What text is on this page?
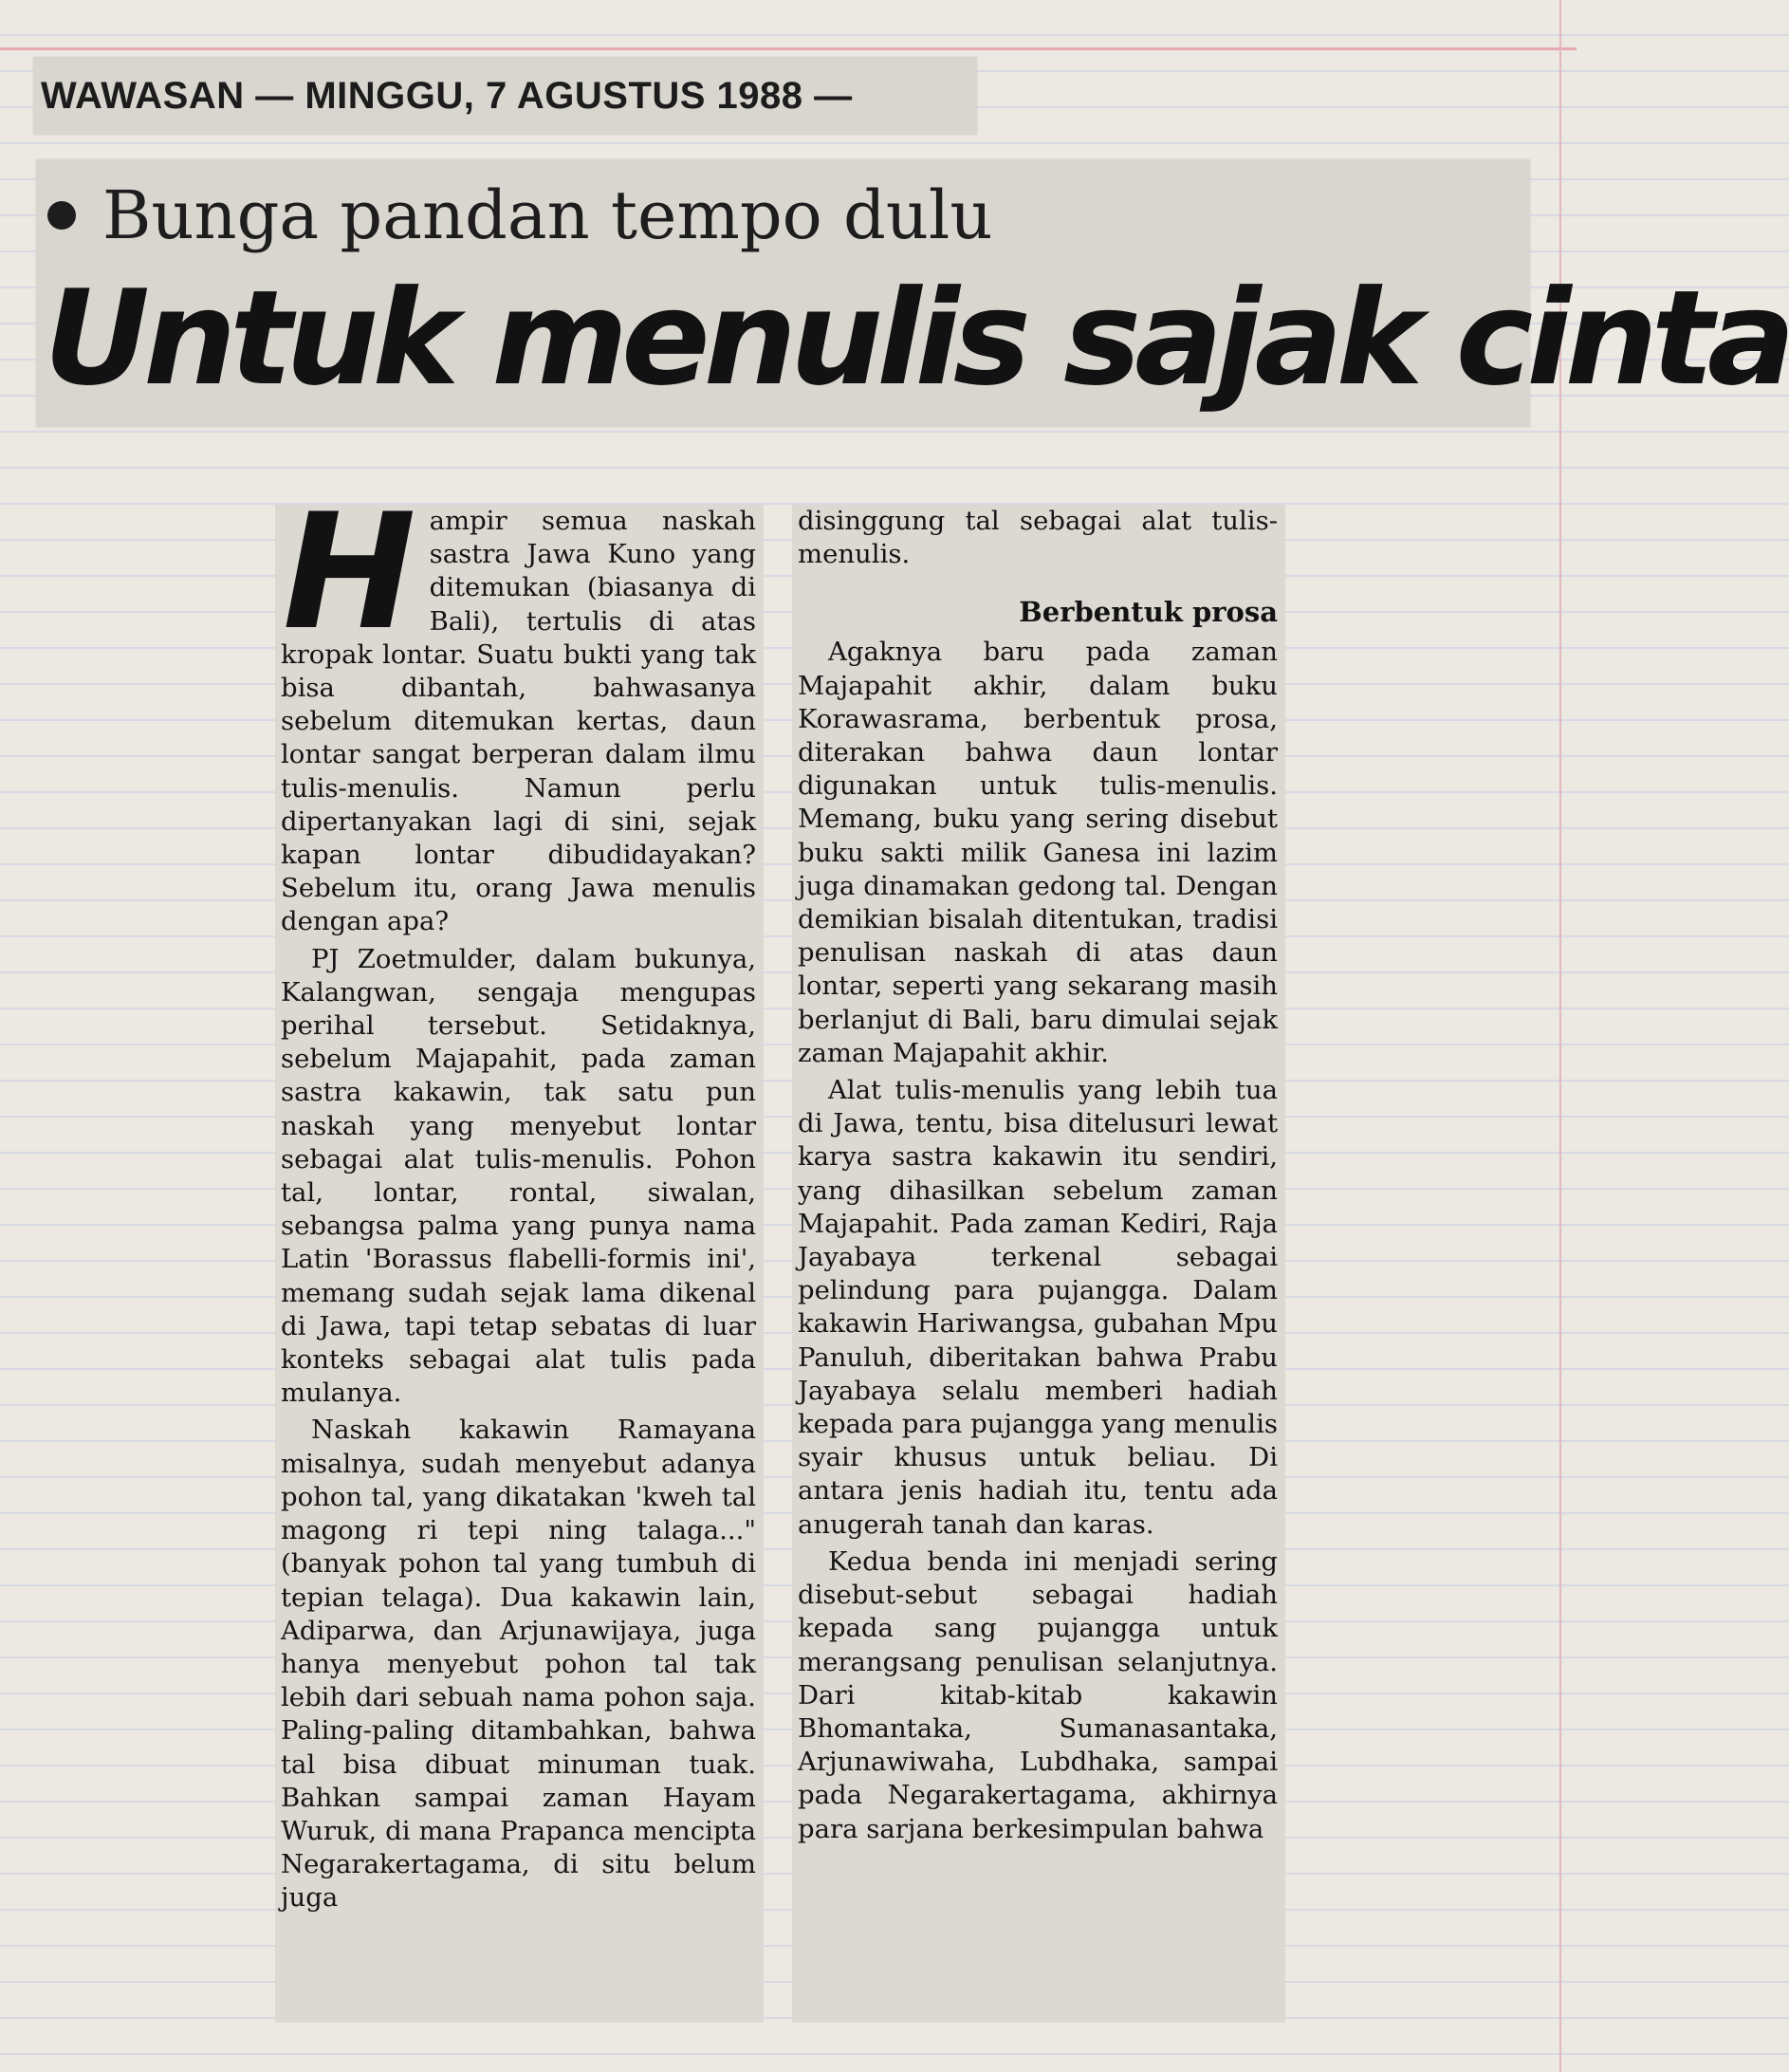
WAWASAN — MINGGU, 7 AGUSTUS 1988 —
Bunga pandan tempo dulu
Untuk menulis sajak cinta

Hampir semua naskah sastra Jawa Kuno yang ditemukan (biasanya di Bali), tertulis di atas kropak lontar. Suatu bukti yang tak bisa dibantah, bahwasanya sebelum ditemukan kertas, daun lontar sangat berperan dalam ilmu tulis-menulis. Namun perlu dipertanyakan lagi di sini, sejak kapan lontar dibudidayakan? Sebelum itu, orang Jawa menulis dengan apa?

PJ Zoetmulder, dalam bukunya, Kalangwan, sengaja mengupas perihal tersebut. Setidaknya, sebelum Majapahit, pada zaman sastra kakawin, tak satu pun naskah yang menyebut lontar sebagai alat tulis-menulis. Pohon tal, lontar, rontal, siwalan, sebangsa palma yang punya nama Latin 'Borassus flabelli-formis ini', memang sudah sejak lama dikenal di Jawa, tapi tetap sebatas di luar konteks sebagai alat tulis pada mulanya.

Naskah kakawin Ramayana misalnya, sudah menyebut adanya pohon tal, yang dikatakan 'kweh tal magong ri tepi ning talaga..." (banyak pohon tal yang tumbuh di tepian telaga). Dua kakawin lain, Adiparwa, dan Arjunawijaya, juga hanya menyebut pohon tal tak lebih dari sebuah nama pohon saja. Paling-paling ditambahkan, bahwa tal bisa dibuat minuman tuak. Bahkan sampai zaman Hayam Wuruk, di mana Prapanca mencipta Negarakertagama, di situ belum juga

disinggung tal sebagai alat tulis-menulis.

Berbentuk prosa

Agaknya baru pada zaman Majapahit akhir, dalam buku Korawasrama, berbentuk prosa, diterakan bahwa daun lontar digunakan untuk tulis-menulis. Memang, buku yang sering disebut buku sakti milik Ganesa ini lazim juga dinamakan gedong tal. Dengan demikian bisalah ditentukan, tradisi penulisan naskah di atas daun lontar, seperti yang sekarang masih berlanjut di Bali, baru dimulai sejak zaman Majapahit akhir.

Alat tulis-menulis yang lebih tua di Jawa, tentu, bisa ditelusuri lewat karya sastra kakawin itu sendiri, yang dihasilkan sebelum zaman Majapahit. Pada zaman Kediri, Raja Jayabaya terkenal sebagai pelindung para pujangga. Dalam kakawin Hariwangsa, gubahan Mpu Panuluh, diberitakan bahwa Prabu Jayabaya selalu memberi hadiah kepada para pujangga yang menulis syair khusus untuk beliau. Di antara jenis hadiah itu, tentu ada anugerah tanah dan karas.

Kedua benda ini menjadi sering disebut-sebut sebagai hadiah kepada sang pujangga untuk merangsang penulisan selanjutnya. Dari kitab-kitab kakawin Bhomantaka, Sumanasantaka, Arjunawiwaha, Lubdhaka, sampai pada Negarakertagama, akhirnya para sarjana berkesimpulan bahwa
